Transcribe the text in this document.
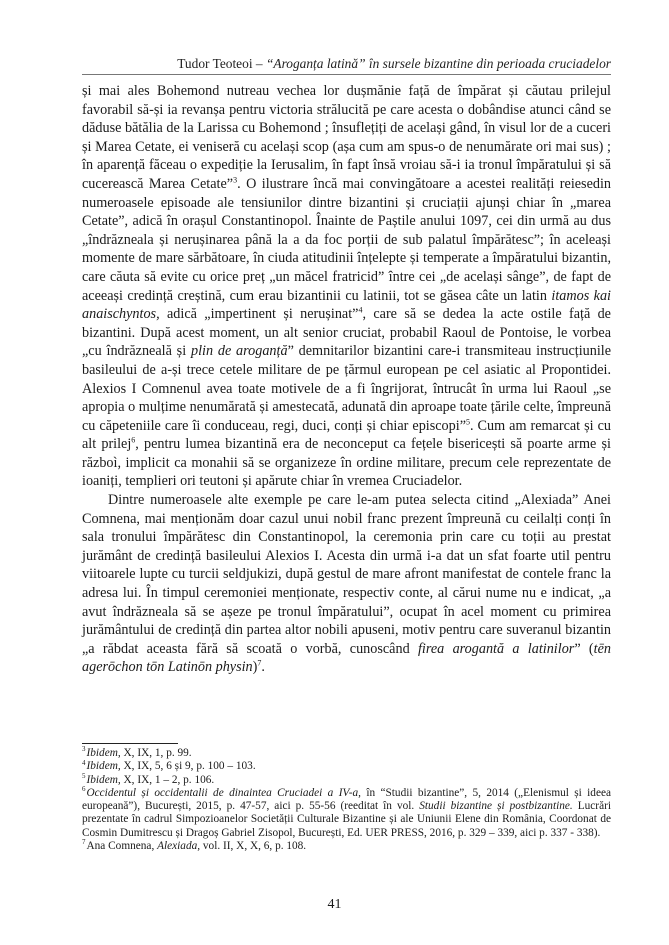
Tudor Teoteoi – “Aroganța latină” în sursele bizantine din perioada cruciadelor

și mai ales Bohemond nutreau vechea lor dușmănie față de împărat și căutau prilejul favorabil să-și ia revanșa pentru victoria strălucită pe care acesta o dobândise atunci când se dăduse bătălia de la Larissa cu Bohemond ; însuflețiți de același gând, în visul lor de a cuceri și Marea Cetate, ei veniseră cu același scop (așa cum am spus-o de nenumărate ori mai sus) ; în aparență făceau o expediție la Ierusalim, în fapt însă vroiau să-i ia tronul împăratului și să cucerească Marea Cetate”$^3$. O ilustrare încă mai convingătoare a acestei realități reiesedin numeroasele episoade ale tensiunilor dintre bizantini și cruciații ajunși chiar în „marea Cetate”, adică în orașul Constantinopol. Înainte de Paștile anului 1097, cei din urmă au dus „îndrăzneala și nerușinarea până la a da foc porții de sub palatul împărătesc”; în aceleași momente de mare sărbătoare, în ciuda atitudinii înțelepte și temperate a împăratului bizantin, care căuta să evite cu orice preț „un măcel fratricid” între cei „de același sânge”, de fapt de aceeași credință creștină, cum erau bizantinii cu latinii, tot se găsea câte un latin itamos kai anaischyntos, adică „impertinent și nerușinat”$^4$, care să se dedea la acte ostile față de bizantini. După acest moment, un alt senior cruciat, probabil Raoul de Pontoise, le vorbea „cu îndrăzneală și plin de aroganță” demnitarilor bizantini care-i transmiteau instrucțiunile basileului de a-și trece cetele militare de pe țărmul european pe cel asiatic al Propontidei. Alexios I Comnenul avea toate motivele de a fi îngrijorat, întrucât în urma lui Raoul „se apropia o mulțime nenumărată și amestecată, adunată din aproape toate țările celte, împreună cu căpeteniile care îi conduceau, regi, duci, conți și chiar episcopi”$^5$. Cum am remarcat și cu alt prilej$^6$, pentru lumea bizantină era de neconceput ca fețele bisericești să poarte arme și războì, implicit ca monahii să se organizeze în ordine militare, precum cele reprezentate de ioaniți, templieri ori teutoni și apărute chiar în vremea Cruciadelor.

Dintre numeroasele alte exemple pe care le-am putea selecta citind „Alexiada” Anei Comnena, mai menționăm doar cazul unui nobil franc prezent împreună cu ceilalți conți în sala tronului împărătesc din Constantinopol, la ceremonia prin care cu toții au prestat jurământ de credință basileului Alexios I. Acesta din urmă i-a dat un sfat foarte util pentru viitoarele lupte cu turcii seldjukizi, după gestul de mare afront manifestat de contele franc la adresa lui. În timpul ceremoniei menționate, respectiv conte, al cărui nume nu e indicat, „a avut îndrăzneala să se așeze pe tronul împăratului”, ocupat în acel moment cu primirea jurământului de credință din partea altor nobili apuseni, motiv pentru care suveranul bizantin „a răbdat aceasta fără să scoată o vorbă, cunoscând firea arogantă a latinilor” (tēn agerōchon tōn Latinōn physin)$^7$.

$^3$Ibidem, X, IX, 1, p. 99.

$^4$Ibidem, X, IX, 5, 6 și 9, p. 100 – 103.

$^5$Ibidem, X, IX, 1 – 2, p. 106.

$^6$Occidentul și occidentalii de dinaintea Cruciadei a IV-a, în “Studii bizantine”, 5, 2014 („Elenismul și ideea europeană”), București, 2015, p. 47-57, aici p. 55-56 (reeditat în vol. Studii bizantine și postbizantine. Lucrări prezentate în cadrul Simpozioanelor Societății Culturale Bizantine și ale Uniunii Elene din România, Coordonat de Cosmin Dumitrescu și Dragoș Gabriel Zisopol, București, Ed. UER PRESS, 2016, p. 329 – 339, aici p. 337 - 338).

$^7$Ana Comnena, Alexiada, vol. II, X, X, 6, p. 108.

41
